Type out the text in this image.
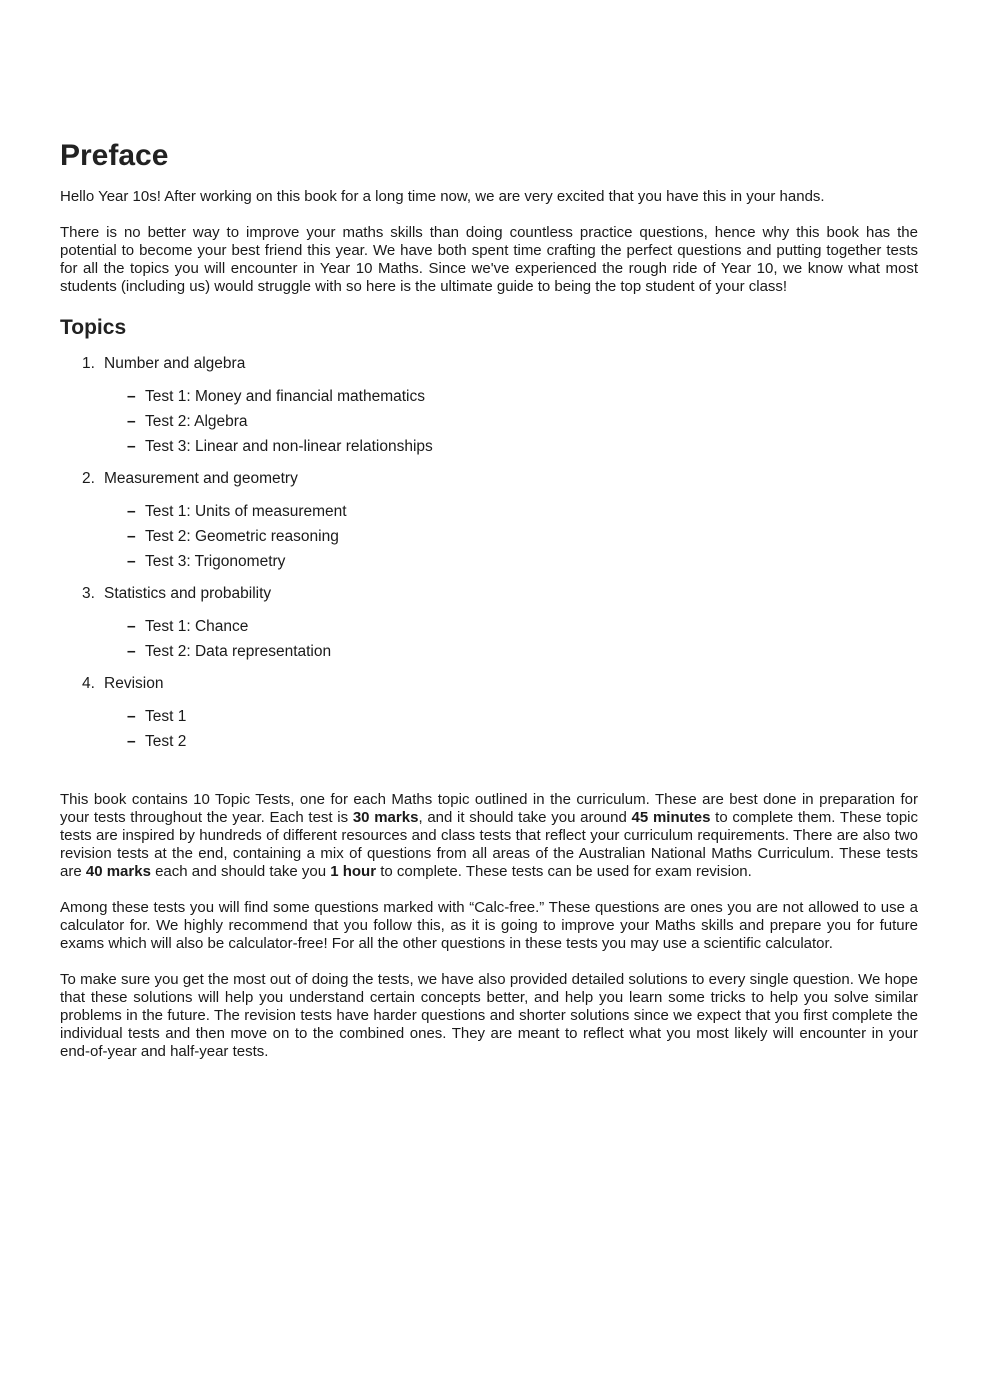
Preface

Hello Year 10s! After working on this book for a long time now, we are very excited that you have this in your hands.

There is no better way to improve your maths skills than doing countless practice questions, hence why this book has the potential to become your best friend this year. We have both spent time crafting the perfect questions and putting together tests for all the topics you will encounter in Year 10 Maths. Since we've experienced the rough ride of Year 10, we know what most students (including us) would struggle with so here is the ultimate guide to being the top student of your class!

Topics
1. Number and algebra
– Test 1: Money and financial mathematics
– Test 2: Algebra
– Test 3: Linear and non-linear relationships
2. Measurement and geometry
– Test 1: Units of measurement
– Test 2: Geometric reasoning
– Test 3: Trigonometry
3. Statistics and probability
– Test 1: Chance
– Test 2: Data representation
4. Revision
– Test 1
– Test 2

This book contains 10 Topic Tests, one for each Maths topic outlined in the curriculum. These are best done in preparation for your tests throughout the year. Each test is 30 marks, and it should take you around 45 minutes to complete them. These topic tests are inspired by hundreds of different resources and class tests that reflect your curriculum requirements. There are also two revision tests at the end, containing a mix of questions from all areas of the Australian National Maths Curriculum. These tests are 40 marks each and should take you 1 hour to complete. These tests can be used for exam revision.

Among these tests you will find some questions marked with “Calc-free.” These questions are ones you are not allowed to use a calculator for. We highly recommend that you follow this, as it is going to improve your Maths skills and prepare you for future exams which will also be calculator-free! For all the other questions in these tests you may use a scientific calculator.

To make sure you get the most out of doing the tests, we have also provided detailed solutions to every single question. We hope that these solutions will help you understand certain concepts better, and help you learn some tricks to help you solve similar problems in the future. The revision tests have harder questions and shorter solutions since we expect that you first complete the individual tests and then move on to the combined ones. They are meant to reflect what you most likely will encounter in your end-of-year and half-year tests.
